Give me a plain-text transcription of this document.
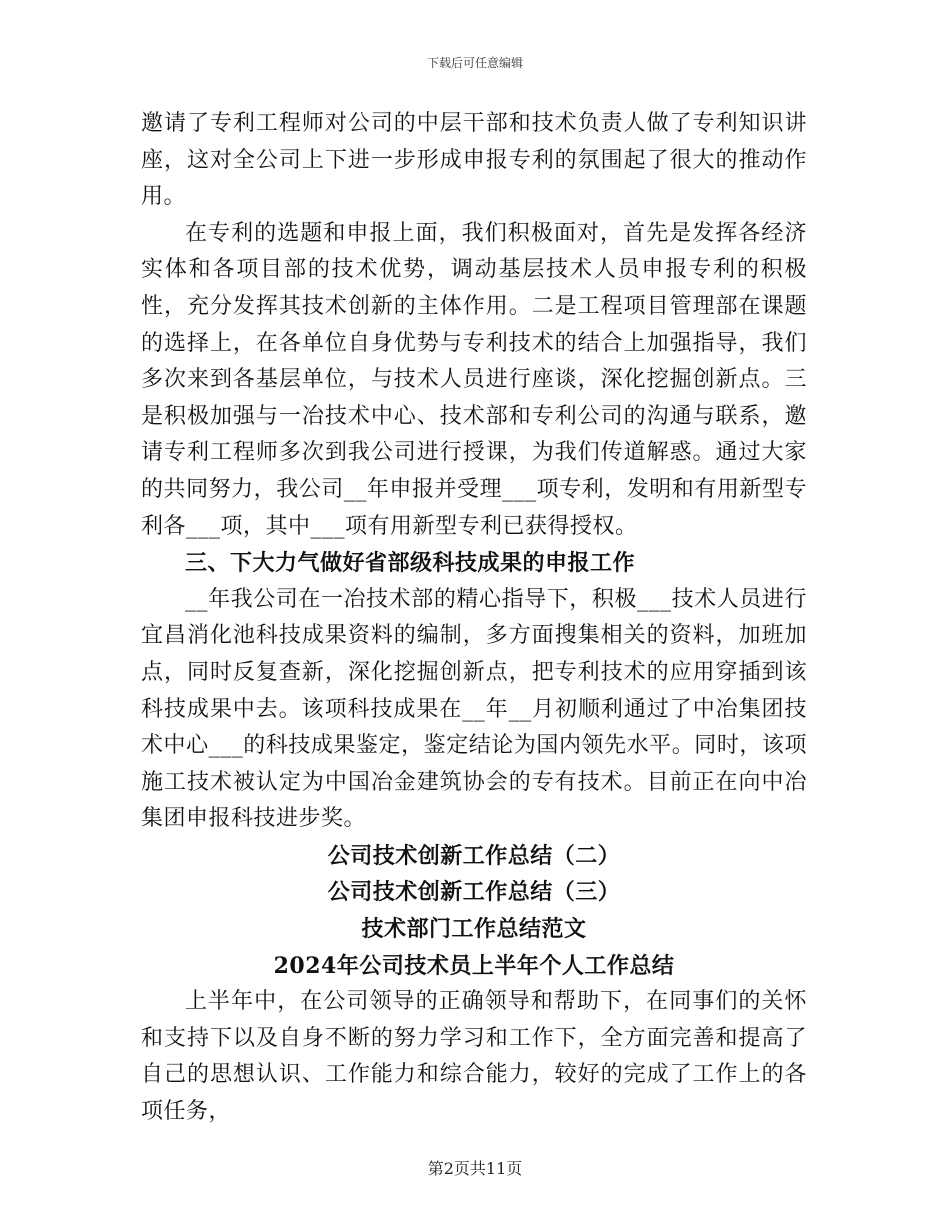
下载后可任意编辑

邀请了专利工程师对公司的中层干部和技术负责人做了专利知识讲座，这对全公司上下进一步形成申报专利的氛围起了很大的推动作用。

在专利的选题和申报上面，我们积极面对，首先是发挥各经济实体和各项目部的技术优势，调动基层技术人员申报专利的积极性，充分发挥其技术创新的主体作用。二是工程项目管理部在课题的选择上，在各单位自身优势与专利技术的结合上加强指导，我们多次来到各基层单位，与技术人员进行座谈，深化挖掘创新点。三是积极加强与一冶技术中心、技术部和专利公司的沟通与联系，邀请专利工程师多次到我公司进行授课，为我们传道解惑。通过大家的共同努力，我公司__年申报并受理___项专利，发明和有用新型专利各___项，其中___项有用新型专利已获得授权。

三、下大力气做好省部级科技成果的申报工作

__年我公司在一冶技术部的精心指导下，积极___技术人员进行宜昌消化池科技成果资料的编制，多方面搜集相关的资料，加班加点，同时反复查新，深化挖掘创新点，把专利技术的应用穿插到该科技成果中去。该项科技成果在__年__月初顺利通过了中冶集团技术中心___的科技成果鉴定，鉴定结论为国内领先水平。同时，该项施工技术被认定为中国冶金建筑协会的专有技术。目前正在向中冶集团申报科技进步奖。

公司技术创新工作总结（二）

公司技术创新工作总结（三）

技术部门工作总结范文

2024年公司技术员上半年个人工作总结

上半年中，在公司领导的正确领导和帮助下，在同事们的关怀和支持下以及自身不断的努力学习和工作下，全方面完善和提高了自己的思想认识、工作能力和综合能力，较好的完成了工作上的各项任务，

第2页共11页
